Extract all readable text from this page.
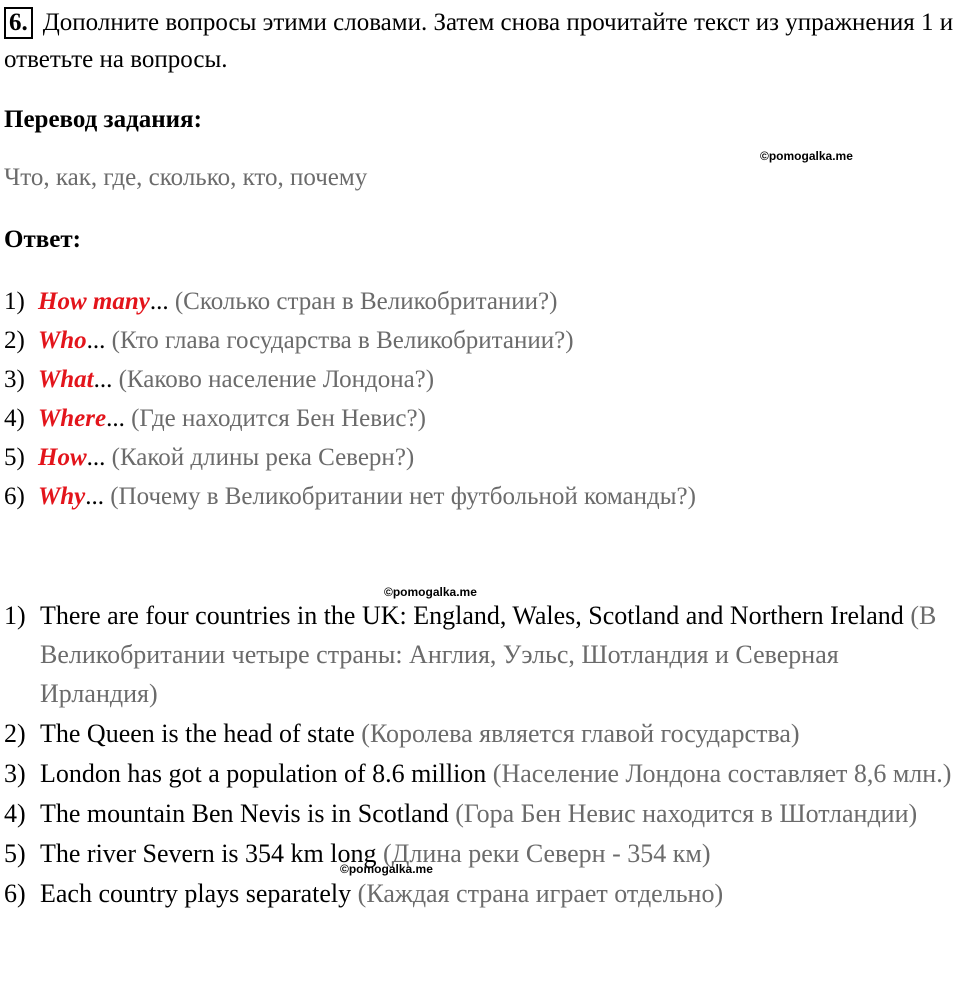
6. Дополните вопросы этими словами. Затем снова прочитайте текст из упражнения 1 и ответьте на вопросы.
Перевод задания:
©pomogalka.me
Что, как, где, сколько, кто, почему
Ответ:
1) How many... (Сколько стран в Великобритании?)
2) Who... (Кто глава государства в Великобритании?)
3) What... (Каково население Лондона?)
4) Where... (Где находится Бен Невис?)
5) How... (Какой длины река Северн?)
6) Why... (Почему в Великобритании нет футбольной команды?)
©pomogalka.me
1) There are four countries in the UK: England, Wales, Scotland and Northern Ireland (В Великобритании четыре страны: Англия, Уэльс, Шотландия и Северная Ирландия)
2) The Queen is the head of state (Королева является главой государства)
3) London has got a population of 8.6 million (Население Лондона составляет 8,6 млн.)
4) The mountain Ben Nevis is in Scotland (Гора Бен Невис находится в Шотландии)
5) The river Severn is 354 km long (Длина реки Северн - 354 км)
6) Each country plays separately (Каждая страна играет отдельно)
©pomogalka.me
